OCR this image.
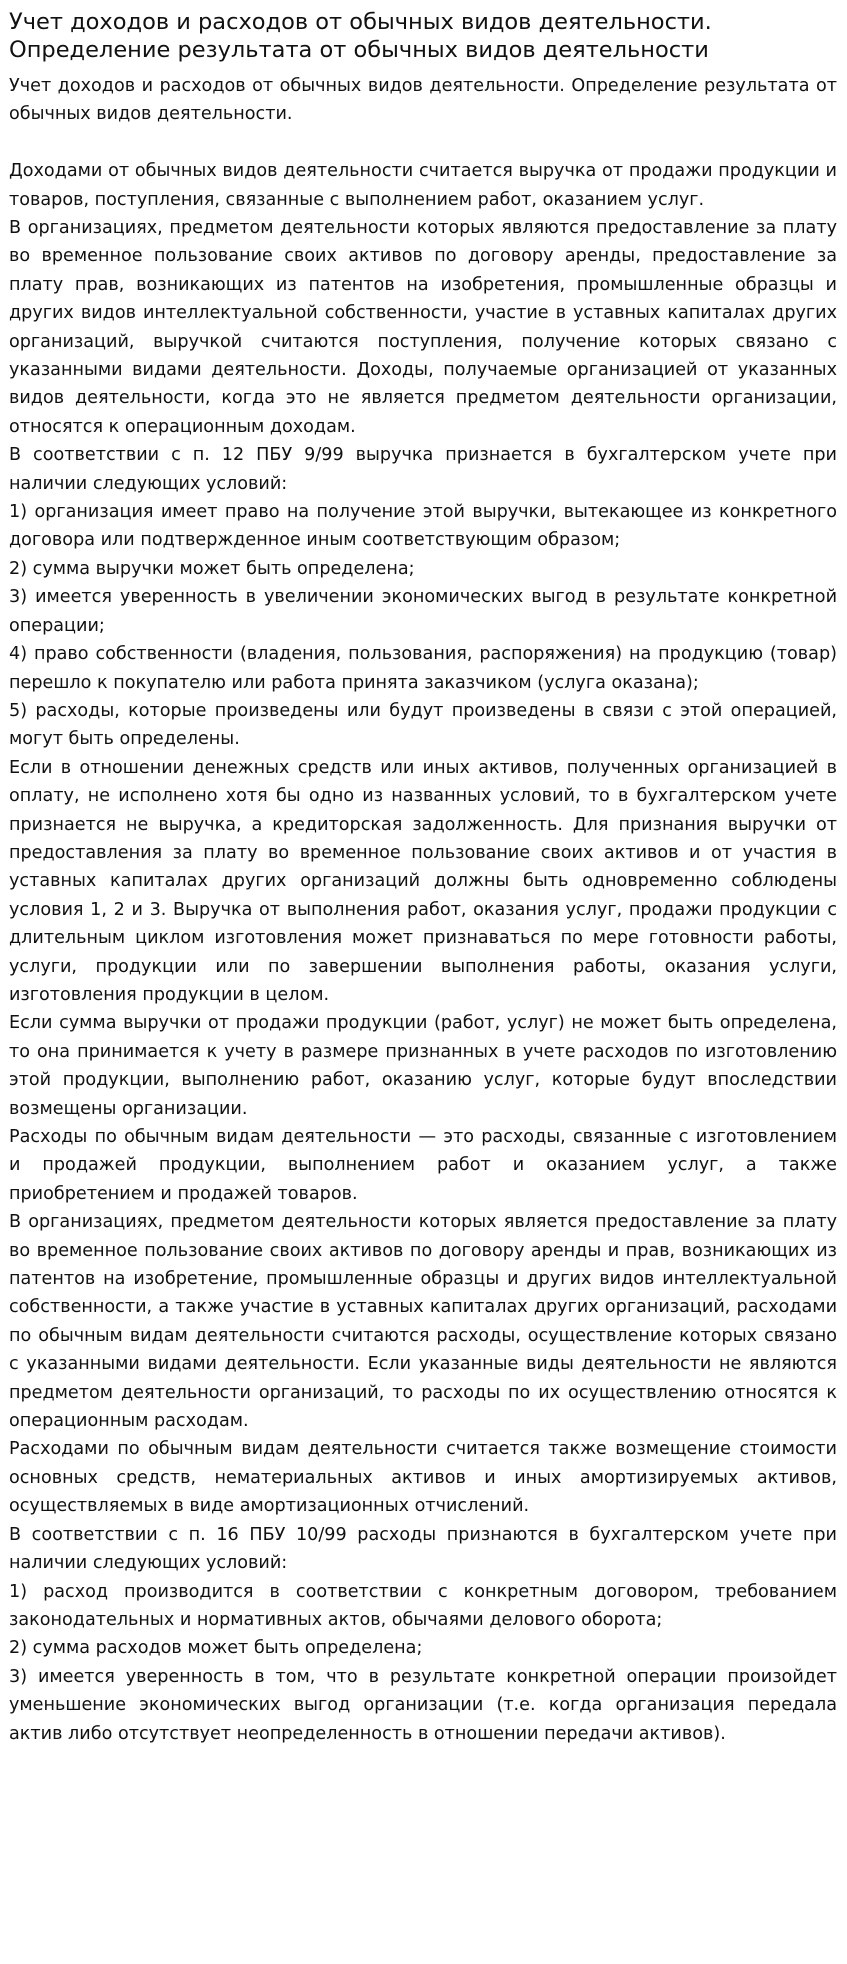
Учет доходов и расходов от обычных видов деятельности. Определение результата от обычных видов деятельности

Учет доходов и расходов от обычных видов деятельности. Определение результата от обычных видов деятельности.

Доходами от обычных видов деятельности считается выручка от продажи продукции и товаров, поступления, связанные с выполнением работ, оказанием услуг.

В организациях, предметом деятельности которых являются предоставление за плату во временное пользование своих активов по договору аренды, предоставление за плату прав, возникающих из патентов на изобретения, промышленные образцы и других видов интеллектуальной собственности, участие в уставных капиталах других организаций, выручкой считаются поступления, получение которых связано с указанными видами деятельности. Доходы, получаемые организацией от указанных видов деятельности, когда это не является предметом деятельности организации, относятся к операционным доходам.

В соответствии с п. 12 ПБУ 9/99 выручка признается в бухгалтерском учете при наличии следующих условий:

1) организация имеет право на получение этой выручки, вытекающее из конкретного договора или подтвержденное иным соответствующим образом;

2) сумма выручки может быть определена;

3) имеется уверенность в увеличении экономических выгод в результате конкретной операции;

4) право собственности (владения, пользования, распоряжения) на продукцию (товар) перешло к покупателю или работа принята заказчиком (услуга оказана);

5) расходы, которые произведены или будут произведены в связи с этой операцией, могут быть определены.

Если в отношении денежных средств или иных активов, полученных организацией в оплату, не исполнено хотя бы одно из названных условий, то в бухгалтерском учете признается не выручка, а кредиторская задолженность. Для признания выручки от предоставления за плату во временное пользование своих активов и от участия в уставных капиталах других организаций должны быть одновременно соблюдены условия 1, 2 и 3. Выручка от выполнения работ, оказания услуг, продажи продукции с длительным циклом изготовления может признаваться по мере готовности работы, услуги, продукции или по завершении выполнения работы, оказания услуги, изготовления продукции в целом.

Если сумма выручки от продажи продукции (работ, услуг) не может быть определена, то она принимается к учету в размере признанных в учете расходов по изготовлению этой продукции, выполнению работ, оказанию услуг, которые будут впоследствии возмещены организации.

Расходы по обычным видам деятельности — это расходы, связанные с изготовлением и продажей продукции, выполнением работ и оказанием услуг, а также приобретением и продажей товаров.

В организациях, предметом деятельности которых является предоставление за плату во временное пользование своих активов по договору аренды и прав, возникающих из патентов на изобретение, промышленные образцы и других видов интеллектуальной собственности, а также участие в уставных капиталах других организаций, расходами по обычным видам деятельности считаются расходы, осуществление которых связано с указанными видами деятельности. Если указанные виды деятельности не являются предметом деятельности организаций, то расходы по их осуществлению относятся к операционным расходам.

Расходами по обычным видам деятельности считается также возмещение стоимости основных средств, нематериальных активов и иных амортизируемых активов, осуществляемых в виде амортизационных отчислений.

В соответствии с п. 16 ПБУ 10/99 расходы признаются в бухгалтерском учете при наличии следующих условий:

1) расход производится в соответствии с конкретным договором, требованием законодательных и нормативных актов, обычаями делового оборота;

2) сумма расходов может быть определена;

3) имеется уверенность в том, что в результате конкретной операции произойдет уменьшение экономических выгод организации (т.е. когда организация передала актив либо отсутствует неопределенность в отношении передачи активов).
